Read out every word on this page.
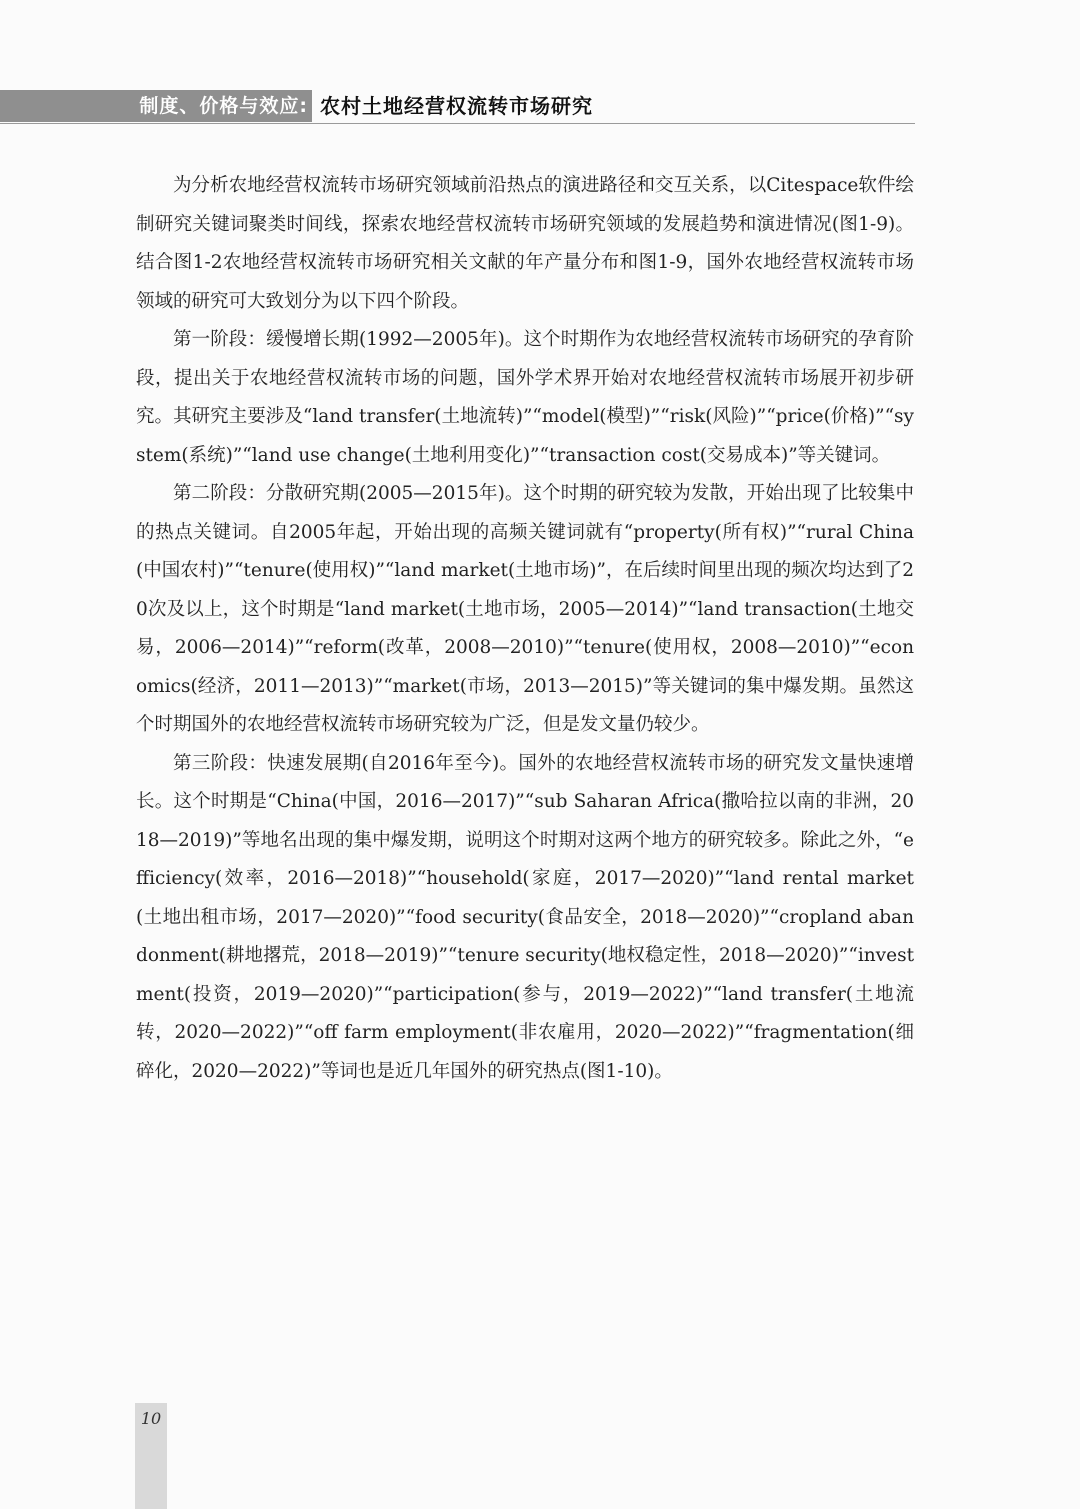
制度、价格与效应: 农村土地经营权流转市场研究

为分析农地经营权流转市场研究领域前沿热点的演进路径和交互关系，以Citespace软件绘制研究关键词聚类时间线，探索农地经营权流转市场研究领域的发展趋势和演进情况(图1-9)。结合图1-2农地经营权流转市场研究相关文献的年产量分布和图1-9，国外农地经营权流转市场领域的研究可大致划分为以下四个阶段。

第一阶段：缓慢增长期(1992—2005年)。这个时期作为农地经营权流转市场研究的孕育阶段，提出关于农地经营权流转市场的问题，国外学术界开始对农地经营权流转市场展开初步研究。其研究主要涉及“land transfer(土地流转)”“model(模型)”“risk(风险)”“price(价格)”“system(系统)”“land use change(土地利用变化)”“transaction cost(交易成本)”等关键词。

第二阶段：分散研究期(2005—2015年)。这个时期的研究较为发散，开始出现了比较集中的热点关键词。自2005年起，开始出现的高频关键词就有“property(所有权)”“rural China(中国农村)”“tenure(使用权)”“land market(土地市场)”，在后续时间里出现的频次均达到了20次及以上，这个时期是“land market(土地市场，2005—2014)”“land transaction(土地交易，2006—2014)”“reform(改革，2008—2010)”“tenure(使用权，2008—2010)”“economics(经济，2011—2013)”“market(市场，2013—2015)”等关键词的集中爆发期。虽然这个时期国外的农地经营权流转市场研究较为广泛，但是发文量仍较少。

第三阶段：快速发展期(自2016年至今)。国外的农地经营权流转市场的研究发文量快速增长。这个时期是“China(中国，2016—2017)”“sub Saharan Africa(撒哈拉以南的非洲，2018—2019)”等地名出现的集中爆发期，说明这个时期对这两个地方的研究较多。除此之外，“efficiency(效率，2016—2018)”“household(家庭，2017—2020)”“land rental market(土地出租市场，2017—2020)”“food security(食品安全，2018—2020)”“cropland abandonment(耕地撂荒，2018—2019)”“tenure security(地权稳定性，2018—2020)”“investment(投资，2019—2020)”“participation(参与，2019—2022)”“land transfer(土地流转，2020—2022)”“off farm employment(非农雇用，2020—2022)”“fragmentation(细碎化，2020—2022)”等词也是近几年国外的研究热点(图1-10)。

10
